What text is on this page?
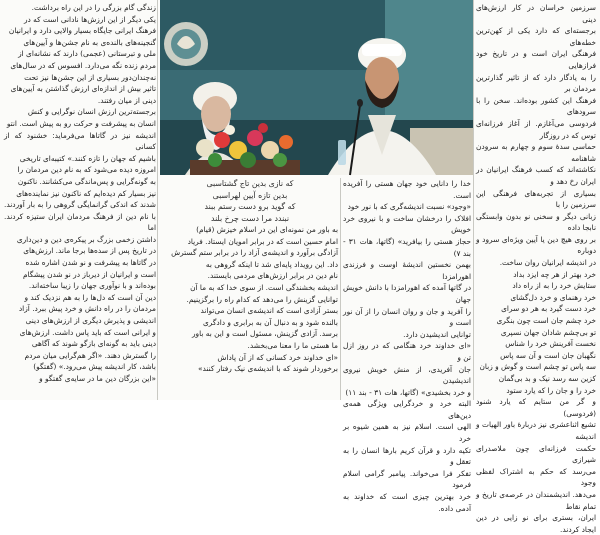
سرزمین خراسان در کار ارزش‌های دینی

برجسته‌ای که دارد یکی از کهن‌ترین خطه‌های

فرهنگی ایران است و در تاریخ خود فراز‌هایی

را به یادگار دارد که از تاثیر گذارترین مردمان بر

فرهنگ این کشور بوده‌اند. سخن را با سرودهای

فردوسی می‌آغازم. از آغاز فرزانه‌ای توس که در روزگار

حماسی سدهٔ سوم و چهارم به سرودن شاهنامه

نکاشته‌اند که کسب فرهنگ ایرانیان در ایران رخ دهد و

بسیاری از تجربه‌های فرهنگی این سرزمین را با

زبانی دیگر و سخنی نو بدون وابستگی نابجا داده

بر روی هیچ دین یا آیین ویژه‌ای سرود و دوباره

در اندیشه ایرانیان روان ساخت.

خرد بهتر از هر چه ایزد بداد

ستایش خرد را به از راه داد

خرد رهنمای و خرد دل‌گشای

خرد دست گیرد به هر دو سرای

خرد چشم جان است چون بنگری

تو بی‌چشم شادان جهان نسپری

نخست آفرینش خرد را شناس

نگهبان جان است و آن سه پاس

سه پاس تو چشم است و گوش و زبان

کزین سه رسد نیک و بد بی‌گمان

خرد را و جان را که یارد ستود

و گر من ستایم که یارد شنود (فردوسی)

تشیع اثناعشری نیز دربارهٔ باور الهیات و اندیشه

حکمت فرزانه‌ای چون ملاصدرای شیرازی

می‌رسد که حکم به اشتراک لفظی وجود

می‌دهد. اندیشمندان در عرصه‌ی تاریخ و تمام نقاط

ایران، بستری برای نو زایی در دین ایجاد کردند.

خدا را دانایی خود جهان هستی را آفریده است.

«وجود» نسبت اندیشه‌گری که با نور خود

افلاک را درخشان ساخت و با نیروی خرد خویش

حجاز هستی را بیافرید» (گاتها، هات ۳۱ - بند ۷)

بهمن نخستین اندیشهٔ اوست و فرزندی اهورامزدا

در گاتها آمده که اهورامزدا با دانش خویش جهان

را آفرید و جان و روان انسان را از آن نور است و

توانایی اندیشیدن دارد.

«ای خداوند خرد هنگامی که در روز ازل تن و

جان آفریدی، از منش خویش نیروی اندیشیدن

و خرد بخشیدی» (گاتها، هات ۳۱ - بند ۱۱)

البته خرد و خردگرایی ویژگی همه‌ی دین‌های

الهی است. اسلام نیز به همین شیوه بر خرد

تکیه دارد و قرآن کریم بارها انسان را به تعقل و

تفکر فرا می‌خواند. پیامبر گرامی اسلام فرمود

خرد بهترین چیزی است که خداوند به آدمی داده.

که نازی بدین تاج گشتاسبی
بدین تازه آیین لهراسبی
که گوید برو دست رستم ببند
نبندد مرا دست چرخ بلند

به باور من نمونه‌ای این در اسلام خیزش (قیام)

امام حسین است که در برابر امویان ایستاد. فریاد

آزادگی برآورد و اندیشه‌ی آزاد را در برابر ستم گسترش

داد. این رویداد پایه‌ای شد تا اینکه گروهی به

نام دین در برابر ارزش‌های مردمی بایستند.

اندیشه بخشندگی است. از سوی خدا که به ما آن

توانایی گزینش را می‌دهد که کدام راه را برگزینیم.

بستر آزادی است که اندیشه‌ی انسان می‌تواند

بالنده شود و به دنبال آن به برابری و دادگری

برسد. آزادی گزینش، مسئول است و این به باور

ما هستی ما را معنا می‌بخشد.

«ای خداوند خرد کسانی که از آن پاداش

برخوردار شوند که با اندیشه‌ی نیک رفتار کنند»

زندگی گام بزرگی را در این راه برداشت.

یکی دیگر از این ارزش‌ها نادانی است که در

فرهنگ ایرانی جایگاه بسیار والایی دارد و ایرانیان

گنجینه‌های بالنده‌ی به نام جشن‌ها و آیین‌های

ملی و تبرستانی (عجمی) دارند که نشانه‌ای از

مردم زنده نگه می‌دارد. افسوس که در سال‌های

نه‌چندان‌دور بسیاری از این جشن‌ها نیز تحت

تاثیر بیش از اندازه‌ای ارزش گذاشتن به آیین‌های

دینی از میان رفتند.

برجسته‌ترین ارزش انسان نوگرایی و کنش

انسان به پیشرفت و حرکت رو به پیش است. انتو

اندیشه نیز در گاتاها می‌فرماید: خشنود که از کسانی

باشیم که جهان را تازه کنند.» کتیبه‌ای تاریخی

امروزه دیده می‌شود که به نام دین مردمان را

به گونه‌گرایی و پس‌ماندگی می‌کشانند. ناکنون

نیز بسیار کم دیده‌ایم که ناکنون نیز نماینده‌های

شدند که اندکی گرانمایگی گروهی را به بار آوردند.

با نام دین از فرهنگ مردمان ایران ستیزه کردند. اما

داشتن زخمی بزرگ بر پیکره‌ی دین و دین‌داری

در تاریخ پس از سده‌ها برجا ماند. ارزش‌های

در گاتاها به پیشرفت و نو شدن اشاره شده

است و ایرانیان از دیرباز در نو شدن پیشگام

بوده‌اند و با نوآوری جهان را زیبا ساخته‌اند.

دین آن است که دل‌ها را به هم نزدیک کند و

مردمان را در راه دانش و خرد پیش ببرد. آزاد

اندیشی و پذیرش دیگری از ارزش‌های دینی

و ایرانی است که باید پاس داشت. ارزش‌های

دینی باید به گونه‌ای بازگو شوند که آگاهی

را گسترش دهند. «اگر هم‌گرایی میان مردم

باشد، کار اندیشه پیش می‌رود.» (گفتگو)

«این بزرگان دین ما در سایه‌ی گفتگو و
